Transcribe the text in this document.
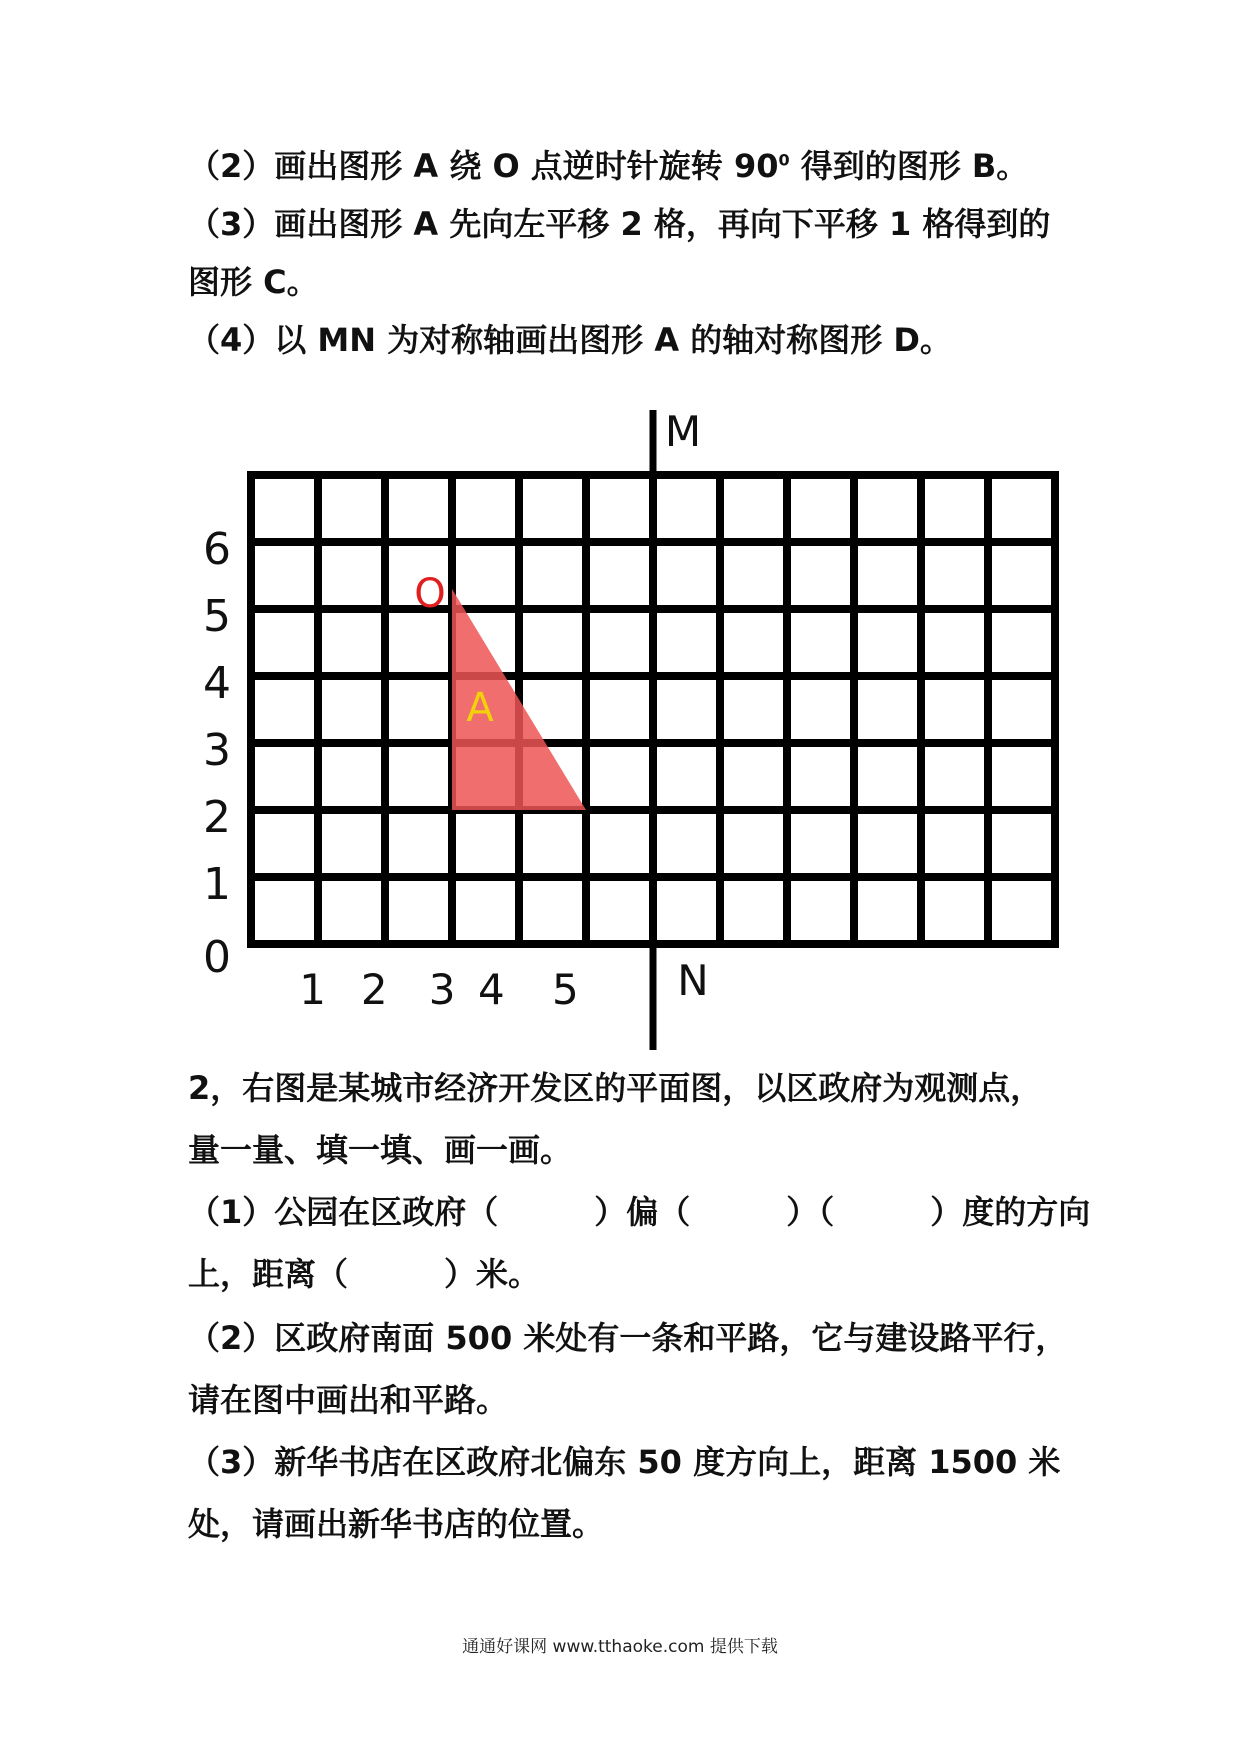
（2）画出图形 A 绕 O 点逆时针旋转 $90^0$ 得到的图形 B。
（3）画出图形 A 先向左平移 2 格，再向下平移 1 格得到的
图形 C。
（4）以 MN 为对称轴画出图形 A 的轴对称图形 D。
M
N
O
A
0
1
2
3
4
5
6
1 2 3 4 5
2，右图是某城市经济开发区的平面图，以区政府为观测点，
量一量、填一填、画一画。
（1）公园在区政府（　　　）偏（　　　）（　　　）度的方向
上，距离（　　　）米。
（2）区政府南面 500 米处有一条和平路，它与建设路平行，
请在图中画出和平路。
（3）新华书店在区政府北偏东 50 度方向上，距离 1500 米
处，请画出新华书店的位置。
通通好课网 www.tthaoke.com 提供下载
